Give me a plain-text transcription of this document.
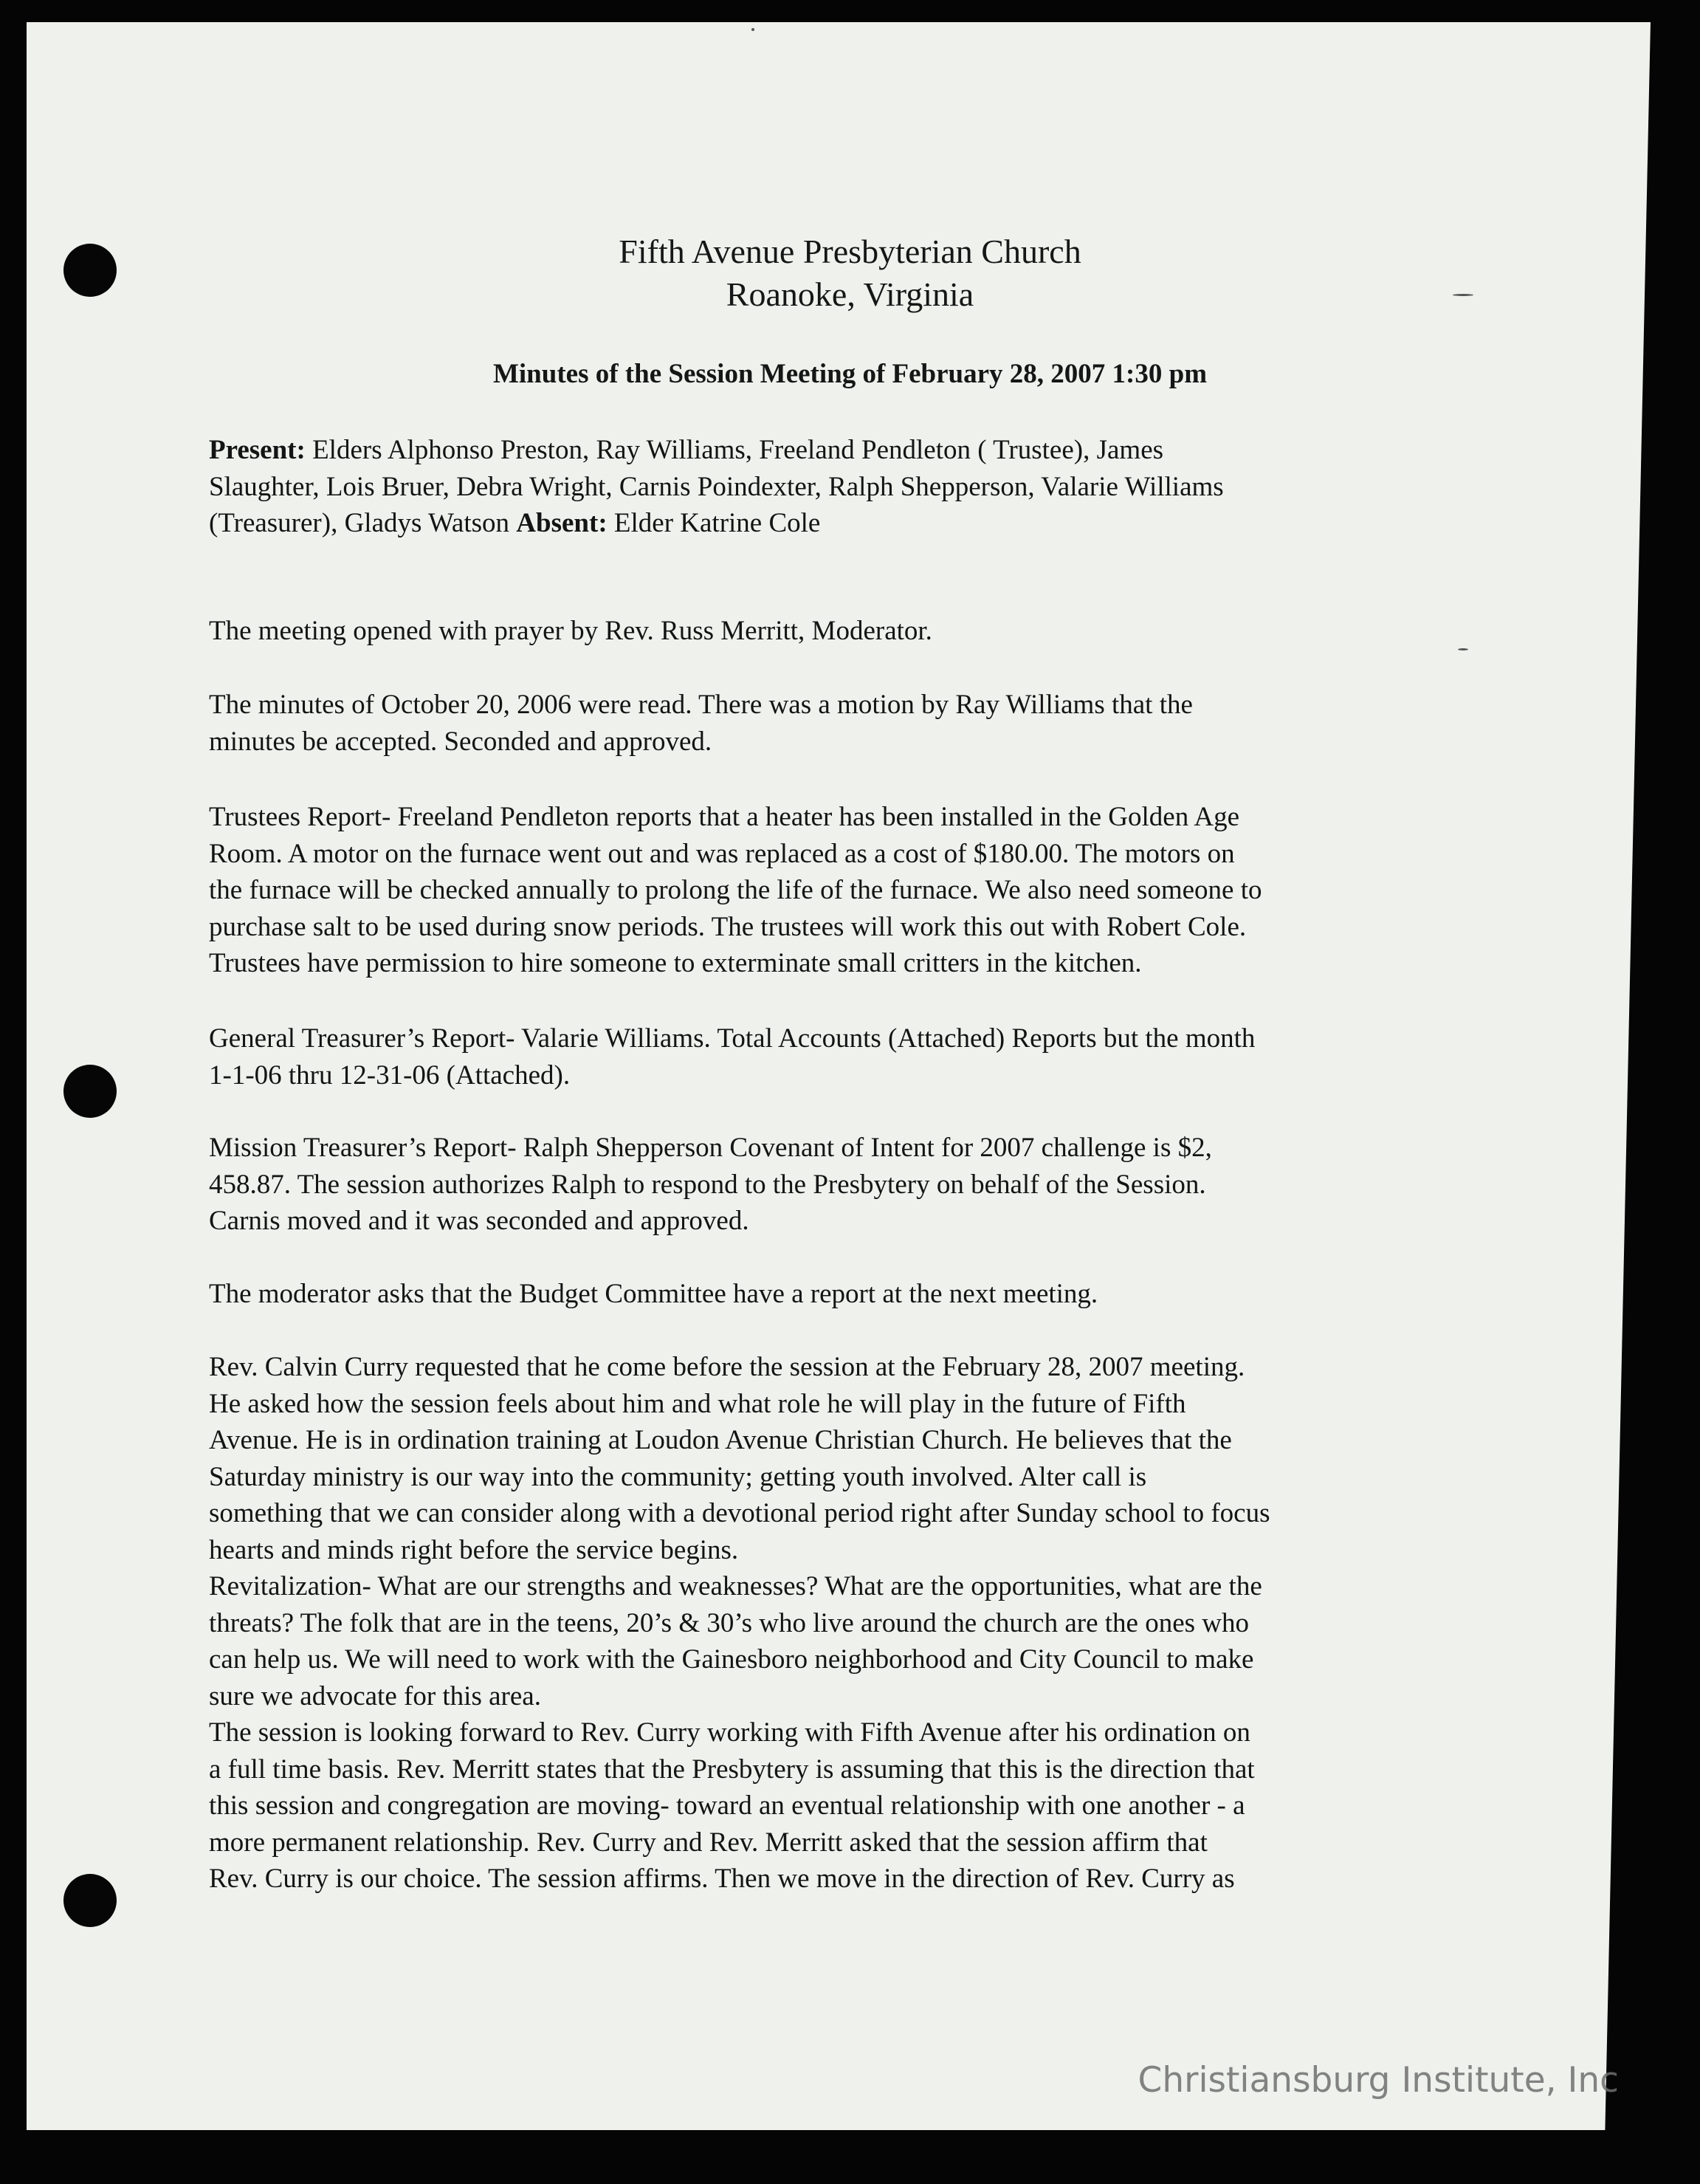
Fifth Avenue Presbyterian Church
Roanoke, Virginia
Minutes of the Session Meeting of February 28, 2007 1:30 pm
Present: Elders Alphonso Preston, Ray Williams, Freeland Pendleton ( Trustee), James
Slaughter, Lois Bruer, Debra Wright, Carnis Poindexter, Ralph Shepperson, Valarie Williams
(Treasurer), Gladys Watson Absent: Elder Katrine Cole
The meeting opened with prayer by Rev. Russ Merritt, Moderator.
The minutes of October 20, 2006 were read. There was a motion by Ray Williams that the
minutes be accepted. Seconded and approved.
Trustees Report- Freeland Pendleton reports that a heater has been installed in the Golden Age
Room. A motor on the furnace went out and was replaced as a cost of $180.00. The motors on
the furnace will be checked annually to prolong the life of the furnace. We also need someone to
purchase salt to be used during snow periods. The trustees will work this out with Robert Cole.
Trustees have permission to hire someone to exterminate small critters in the kitchen.
General Treasurer’s Report- Valarie Williams. Total Accounts (Attached) Reports but the month
1-1-06 thru 12-31-06 (Attached).
Mission Treasurer’s Report- Ralph Shepperson Covenant of Intent for 2007 challenge is $2,
458.87. The session authorizes Ralph to respond to the Presbytery on behalf of the Session.
Carnis moved and it was seconded and approved.
The moderator asks that the Budget Committee have a report at the next meeting.
Rev. Calvin Curry requested that he come before the session at the February 28, 2007 meeting.
He asked how the session feels about him and what role he will play in the future of Fifth
Avenue. He is in ordination training at Loudon Avenue Christian Church. He believes that the
Saturday ministry is our way into the community; getting youth involved. Alter call is
something that we can consider along with a devotional period right after Sunday school to focus
hearts and minds right before the service begins.
Revitalization- What are our strengths and weaknesses? What are the opportunities, what are the
threats? The folk that are in the teens, 20’s & 30’s who live around the church are the ones who
can help us. We will need to work with the Gainesboro neighborhood and City Council to make
sure we advocate for this area.
The session is looking forward to Rev. Curry working with Fifth Avenue after his ordination on
a full time basis. Rev. Merritt states that the Presbytery is assuming that this is the direction that
this session and congregation are moving- toward an eventual relationship with one another - a
more permanent relationship. Rev. Curry and Rev. Merritt asked that the session affirm that
Rev. Curry is our choice. The session affirms. Then we move in the direction of Rev. Curry as
Christiansburg Institute, Inc
